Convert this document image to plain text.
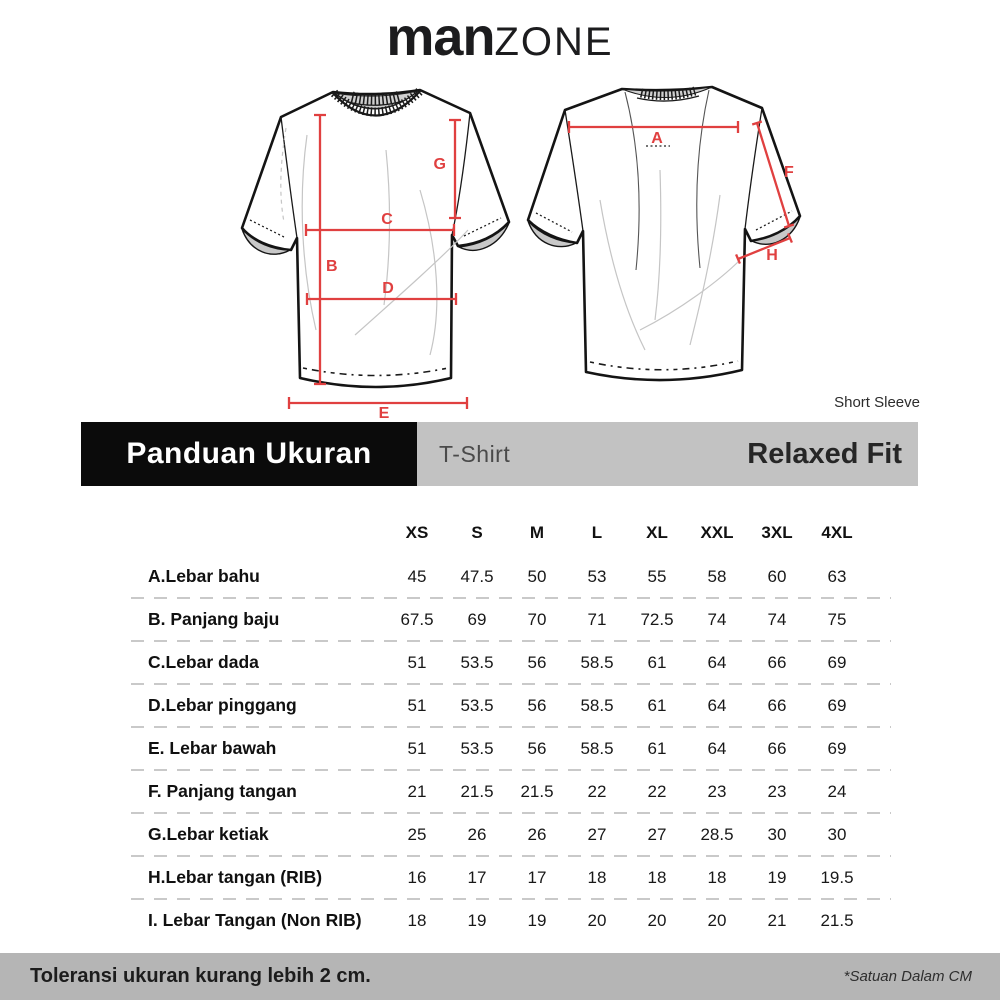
manZONE
B
C
D
E
G
A
F
H
Short Sleeve
Panduan Ukuran	T-Shirt	Relaxed Fit
XS	S	M	L	XL	XXL	3XL	4XL
A.Lebar bahu	45	47.5	50	53	55	58	60	63
B. Panjang baju	67.5	69	70	71	72.5	74	74	75
C.Lebar dada	51	53.5	56	58.5	61	64	66	69
D.Lebar pinggang	51	53.5	56	58.5	61	64	66	69
E. Lebar bawah	51	53.5	56	58.5	61	64	66	69
F. Panjang tangan	21	21.5	21.5	22	22	23	23	24
G.Lebar ketiak	25	26	26	27	27	28.5	30	30
H.Lebar tangan (RIB)	16	17	17	18	18	18	19	19.5
I. Lebar Tangan (Non RIB)	18	19	19	20	20	20	21	21.5
Toleransi ukuran kurang lebih 2 cm.	*Satuan Dalam CM
